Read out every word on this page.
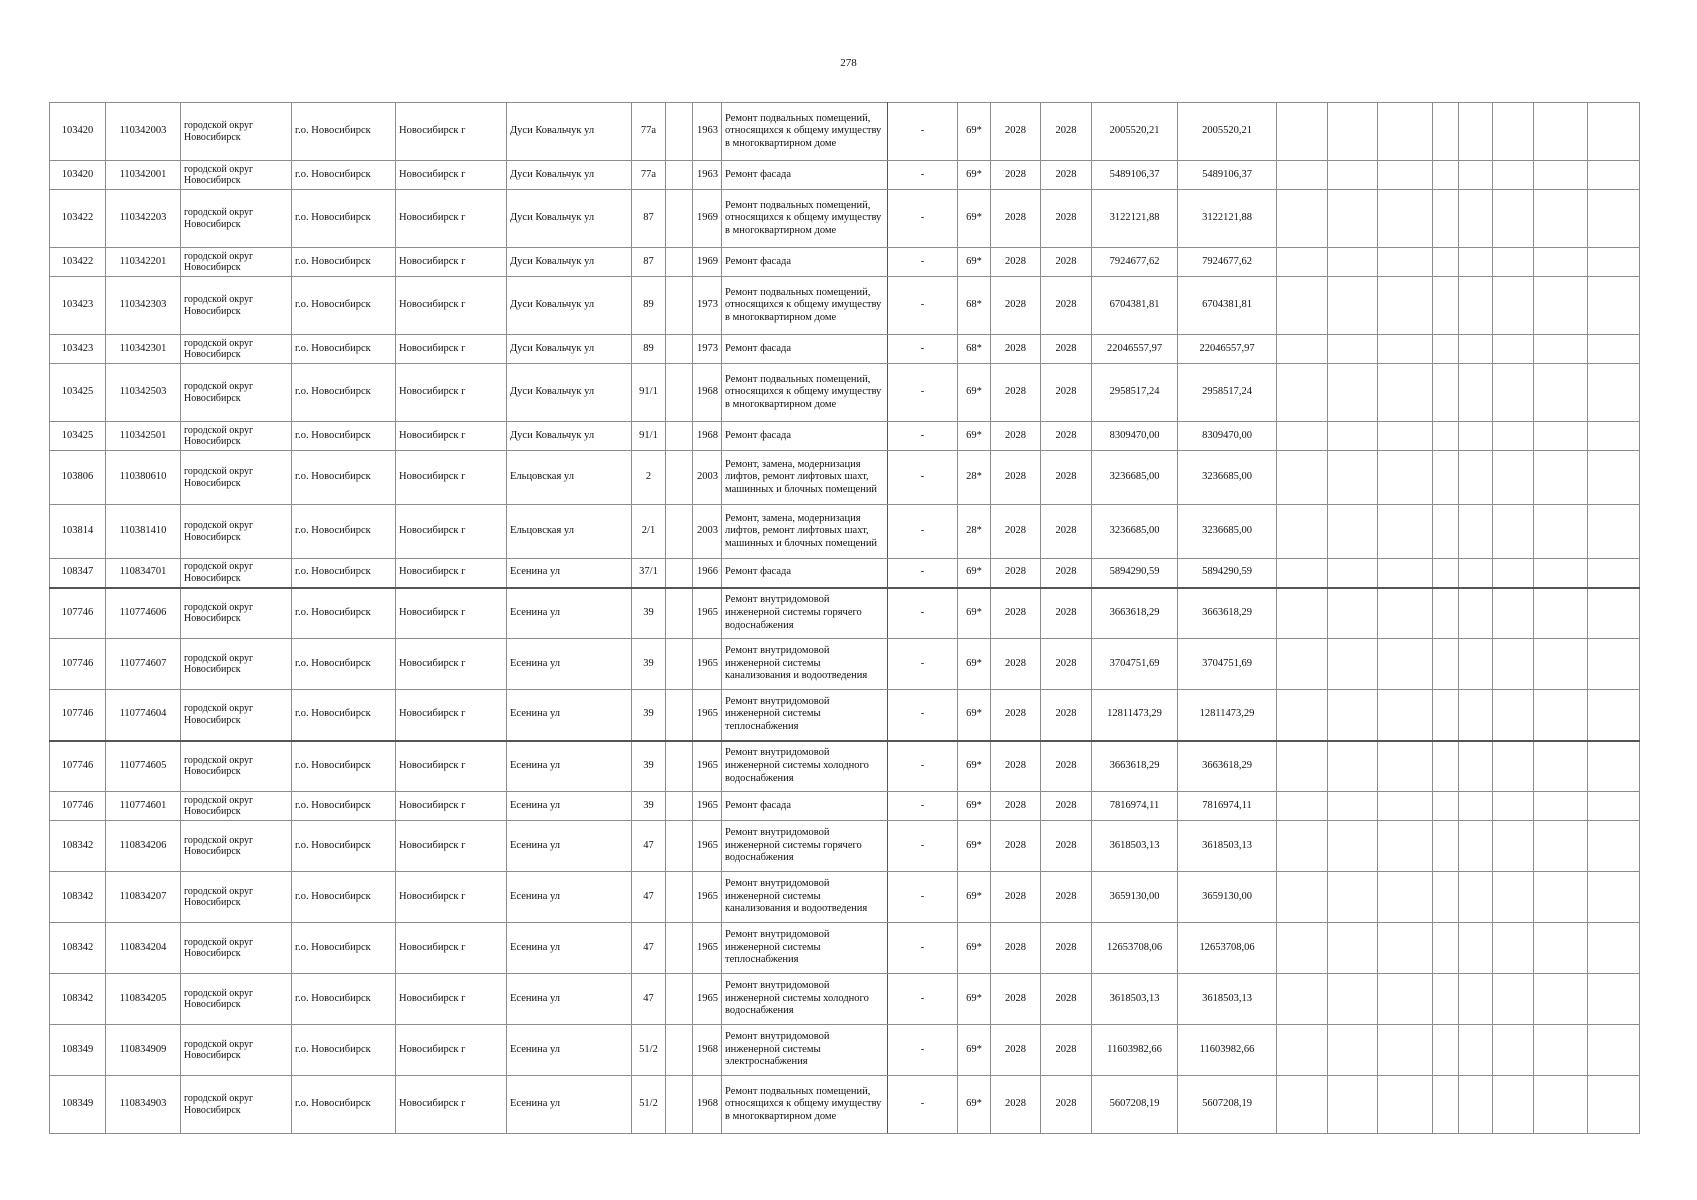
278
103420	110342003	городской округ Новосибирск	г.о. Новосибирск	Новосибирск г	Дуси Ковальчук ул	77а		1963	Ремонт подвальных помещений, относящихся к общему имуществу в многоквартирном доме	-	69*	2028	2028	2005520,21	2005520,21								
103420	110342001	городской округ Новосибирск	г.о. Новосибирск	Новосибирск г	Дуси Ковальчук ул	77а		1963	Ремонт фасада	-	69*	2028	2028	5489106,37	5489106,37								
103422	110342203	городской округ Новосибирск	г.о. Новосибирск	Новосибирск г	Дуси Ковальчук ул	87		1969	Ремонт подвальных помещений, относящихся к общему имуществу в многоквартирном доме	-	69*	2028	2028	3122121,88	3122121,88								
103422	110342201	городской округ Новосибирск	г.о. Новосибирск	Новосибирск г	Дуси Ковальчук ул	87		1969	Ремонт фасада	-	69*	2028	2028	7924677,62	7924677,62								
103423	110342303	городской округ Новосибирск	г.о. Новосибирск	Новосибирск г	Дуси Ковальчук ул	89		1973	Ремонт подвальных помещений, относящихся к общему имуществу в многоквартирном доме	-	68*	2028	2028	6704381,81	6704381,81								
103423	110342301	городской округ Новосибирск	г.о. Новосибирск	Новосибирск г	Дуси Ковальчук ул	89		1973	Ремонт фасада	-	68*	2028	2028	22046557,97	22046557,97								
103425	110342503	городской округ Новосибирск	г.о. Новосибирск	Новосибирск г	Дуси Ковальчук ул	91/1		1968	Ремонт подвальных помещений, относящихся к общему имуществу в многоквартирном доме	-	69*	2028	2028	2958517,24	2958517,24								
103425	110342501	городской округ Новосибирск	г.о. Новосибирск	Новосибирск г	Дуси Ковальчук ул	91/1		1968	Ремонт фасада	-	69*	2028	2028	8309470,00	8309470,00								
103806	110380610	городской округ Новосибирск	г.о. Новосибирск	Новосибирск г	Ельцовская ул	2		2003	Ремонт, замена, модернизация лифтов, ремонт лифтовых шахт, машинных и блочных помещений	-	28*	2028	2028	3236685,00	3236685,00								
103814	110381410	городской округ Новосибирск	г.о. Новосибирск	Новосибирск г	Ельцовская ул	2/1		2003	Ремонт, замена, модернизация лифтов, ремонт лифтовых шахт, машинных и блочных помещений	-	28*	2028	2028	3236685,00	3236685,00								
108347	110834701	городской округ Новосибирск	г.о. Новосибирск	Новосибирск г	Есенина ул	37/1		1966	Ремонт фасада	-	69*	2028	2028	5894290,59	5894290,59								
107746	110774606	городской округ Новосибирск	г.о. Новосибирск	Новосибирск г	Есенина ул	39		1965	Ремонт внутридомовой инженерной системы горячего водоснабжения	-	69*	2028	2028	3663618,29	3663618,29								
107746	110774607	городской округ Новосибирск	г.о. Новосибирск	Новосибирск г	Есенина ул	39		1965	Ремонт внутридомовой инженерной системы канализования и водоотведения	-	69*	2028	2028	3704751,69	3704751,69								
107746	110774604	городской округ Новосибирск	г.о. Новосибирск	Новосибирск г	Есенина ул	39		1965	Ремонт внутридомовой инженерной системы теплоснабжения	-	69*	2028	2028	12811473,29	12811473,29								
107746	110774605	городской округ Новосибирск	г.о. Новосибирск	Новосибирск г	Есенина ул	39		1965	Ремонт внутридомовой инженерной системы холодного водоснабжения	-	69*	2028	2028	3663618,29	3663618,29								
107746	110774601	городской округ Новосибирск	г.о. Новосибирск	Новосибирск г	Есенина ул	39		1965	Ремонт фасада	-	69*	2028	2028	7816974,11	7816974,11								
108342	110834206	городской округ Новосибирск	г.о. Новосибирск	Новосибирск г	Есенина ул	47		1965	Ремонт внутридомовой инженерной системы горячего водоснабжения	-	69*	2028	2028	3618503,13	3618503,13								
108342	110834207	городской округ Новосибирск	г.о. Новосибирск	Новосибирск г	Есенина ул	47		1965	Ремонт внутридомовой инженерной системы канализования и водоотведения	-	69*	2028	2028	3659130,00	3659130,00								
108342	110834204	городской округ Новосибирск	г.о. Новосибирск	Новосибирск г	Есенина ул	47		1965	Ремонт внутридомовой инженерной системы теплоснабжения	-	69*	2028	2028	12653708,06	12653708,06								
108342	110834205	городской округ Новосибирск	г.о. Новосибирск	Новосибирск г	Есенина ул	47		1965	Ремонт внутридомовой инженерной системы холодного водоснабжения	-	69*	2028	2028	3618503,13	3618503,13								
108349	110834909	городской округ Новосибирск	г.о. Новосибирск	Новосибирск г	Есенина ул	51/2		1968	Ремонт внутридомовой инженерной системы электроснабжения	-	69*	2028	2028	11603982,66	11603982,66								
108349	110834903	городской округ Новосибирск	г.о. Новосибирск	Новосибирск г	Есенина ул	51/2		1968	Ремонт подвальных помещений, относящихся к общему имуществу в многоквартирном доме	-	69*	2028	2028	5607208,19	5607208,19								
